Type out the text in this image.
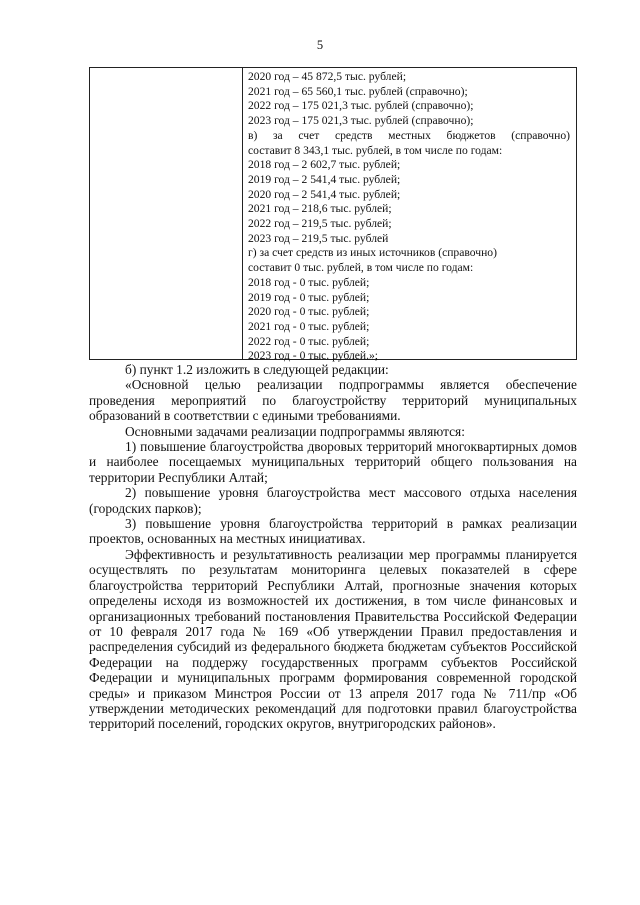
5
2020 год – 45 872,5 тыс. рублей;
2021 год – 65 560,1 тыс. рублей (справочно);
2022 год – 175 021,3 тыс. рублей (справочно);
2023 год – 175 021,3 тыс. рублей (справочно);
в) за счет средств местных бюджетов (справочно)
составит 8 343,1 тыс. рублей, в том числе по годам:
2018 год – 2 602,7 тыс. рублей;
2019 год – 2 541,4 тыс. рублей;
2020 год – 2 541,4 тыс. рублей;
2021 год – 218,6 тыс. рублей;
2022 год – 219,5 тыс. рублей;
2023 год – 219,5 тыс. рублей
г) за счет средств из иных источников (справочно)
составит 0 тыс. рублей, в том числе по годам:
2018 год - 0 тыс. рублей;
2019 год - 0 тыс. рублей;
2020 год - 0 тыс. рублей;
2021 год - 0 тыс. рублей;
2022 год - 0 тыс. рублей;
2023 год - 0 тыс. рублей.»;

б) пункт 1.2 изложить в следующей редакции:

«Основной целью реализации подпрограммы является обеспечение проведения мероприятий по благоустройству территорий муниципальных образований в соответствии с едиными требованиями.

Основными задачами реализации подпрограммы являются:

1) повышение благоустройства дворовых территорий многоквартирных домов и наиболее посещаемых муниципальных территорий общего пользования на территории Республики Алтай;

2) повышение уровня благоустройства мест массового отдыха населения (городских парков);

3) повышение уровня благоустройства территорий в рамках реализации проектов, основанных на местных инициативах.

Эффективность и результативность реализации мер программы планируется осуществлять по результатам мониторинга целевых показателей в сфере благоустройства территорий Республики Алтай, прогнозные значения которых определены исходя из возможностей их достижения, в том числе финансовых и организационных требований постановления Правительства Российской Федерации от 10 февраля 2017 года № 169 «Об утверждении Правил предоставления и распределения субсидий из федерального бюджета бюджетам субъектов Российской Федерации на поддержу государственных программ субъектов Российской Федерации и муниципальных программ формирования современной городской среды» и приказом Минстроя России от 13 апреля 2017 года № 711/пр «Об утверждении методических рекомендаций для подготовки правил благоустройства территорий поселений, городских округов, внутригородских районов».
